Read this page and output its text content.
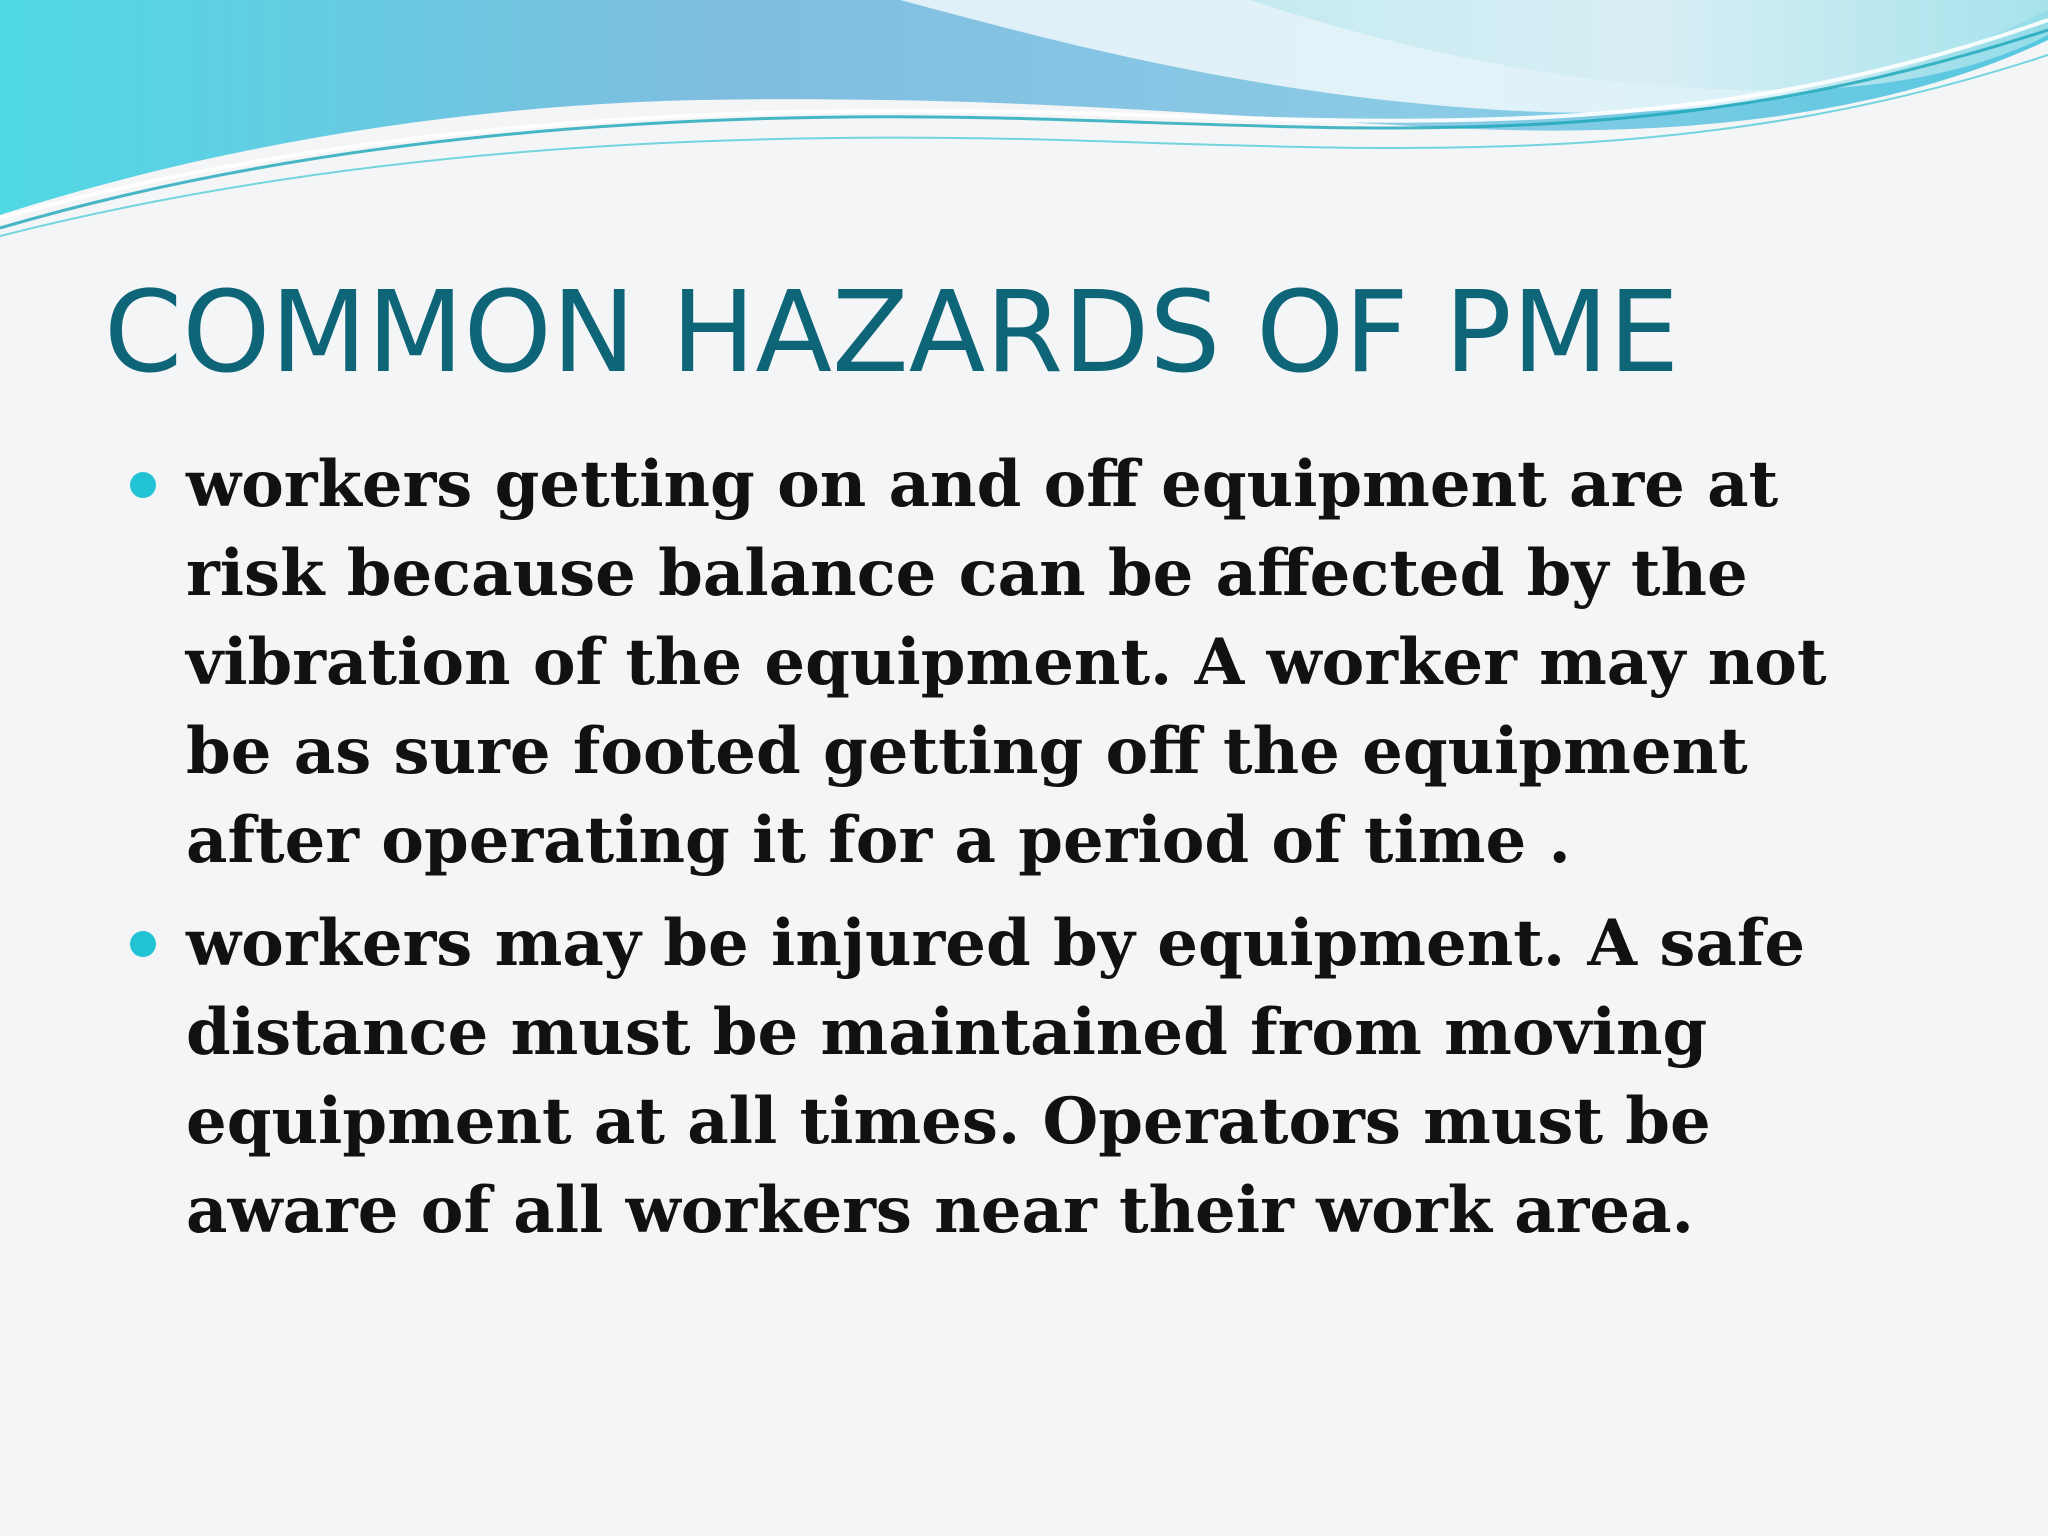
COMMON HAZARDS OF PME
workers getting on and off equipment are at risk because balance can be affected by the vibration of the equipment. A worker may not be as sure footed getting off the equipment after operating it for a period of time .
workers may be injured by equipment. A safe distance must be maintained from moving equipment at all times. Operators must be aware of all workers near their work area.
